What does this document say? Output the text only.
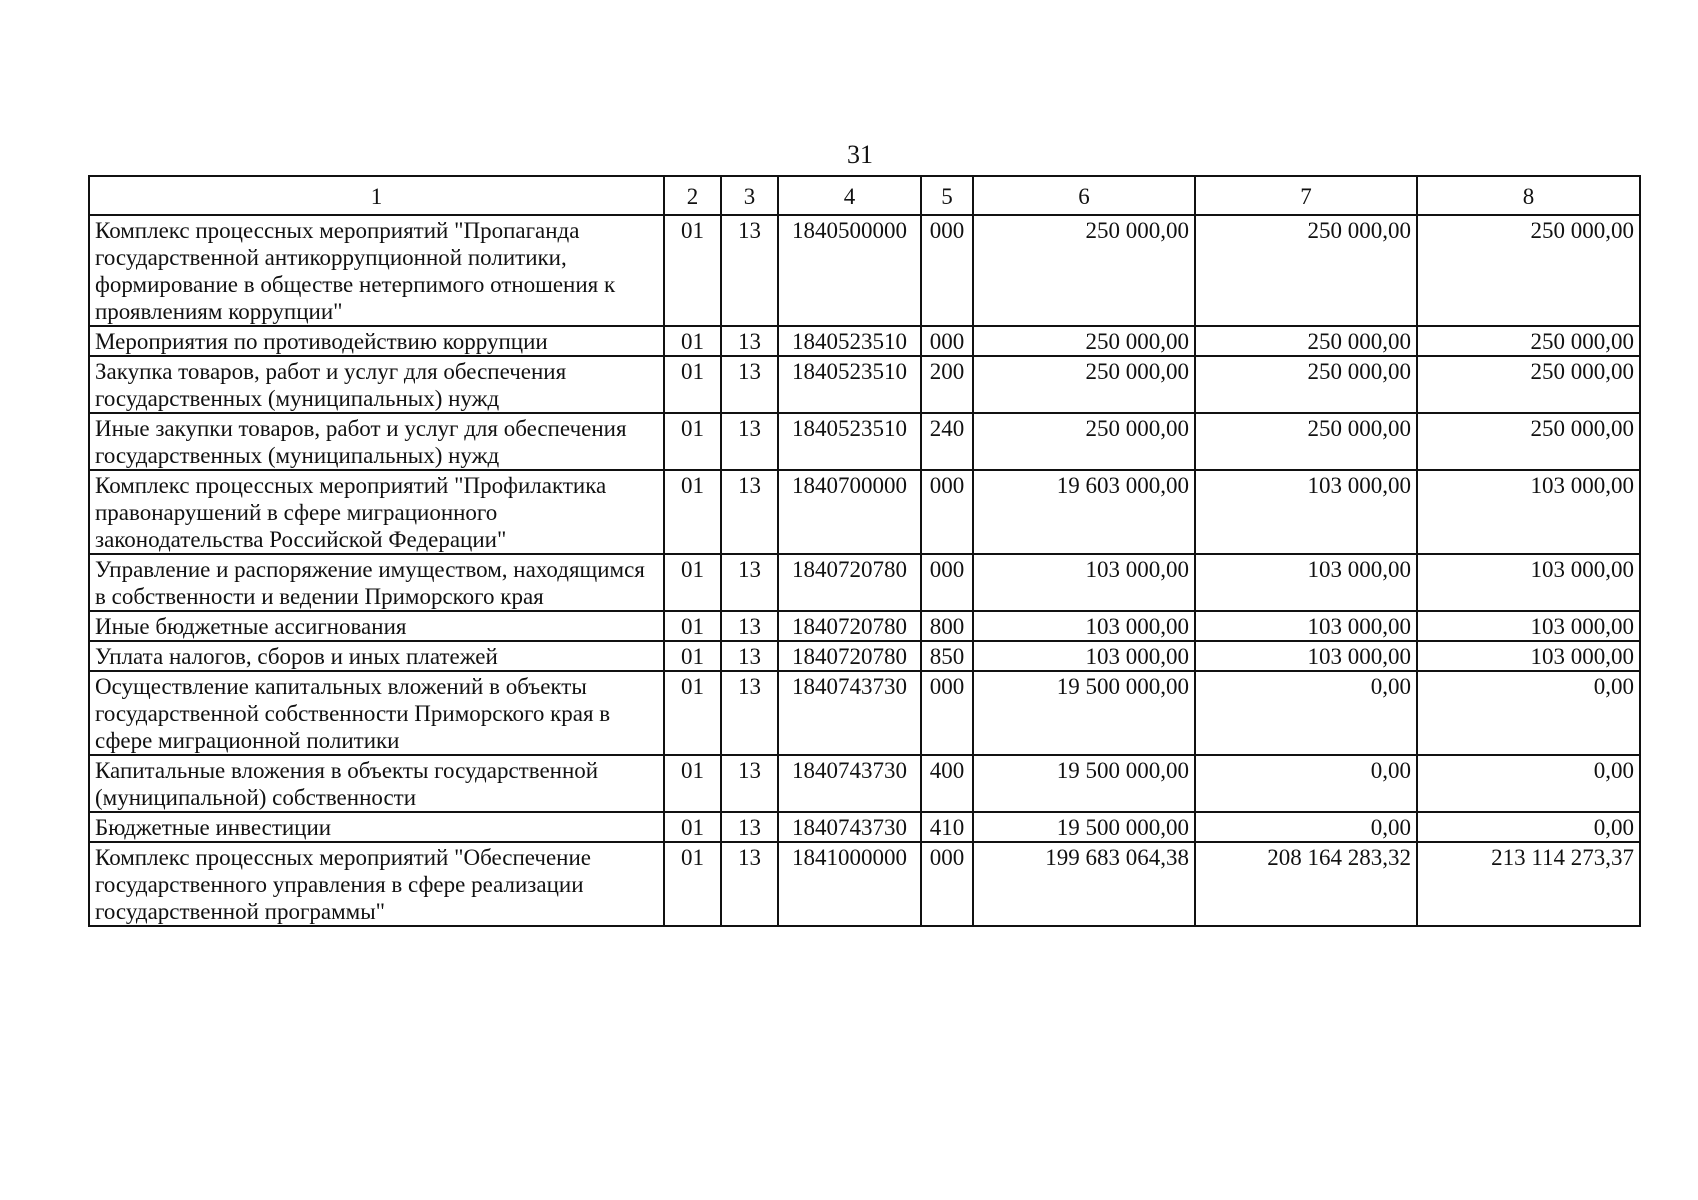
31
1	2	3	4	5	6	7	8
Комплекс процессных мероприятий "Пропаганда государственной антикоррупционной политики, формирование в обществе нетерпимого отношения к проявлениям коррупции"	01	13	1840500000	000	250 000,00	250 000,00	250 000,00
Мероприятия по противодействию коррупции	01	13	1840523510	000	250 000,00	250 000,00	250 000,00
Закупка товаров, работ и услуг для обеспечения государственных (муниципальных) нужд	01	13	1840523510	200	250 000,00	250 000,00	250 000,00
Иные закупки товаров, работ и услуг для обеспечения государственных (муниципальных) нужд	01	13	1840523510	240	250 000,00	250 000,00	250 000,00
Комплекс процессных мероприятий "Профилактика правонарушений в сфере миграционного законодательства Российской Федерации"	01	13	1840700000	000	19 603 000,00	103 000,00	103 000,00
Управление и распоряжение имуществом, находящимся в собственности и ведении Приморского края	01	13	1840720780	000	103 000,00	103 000,00	103 000,00
Иные бюджетные ассигнования	01	13	1840720780	800	103 000,00	103 000,00	103 000,00
Уплата налогов, сборов и иных платежей	01	13	1840720780	850	103 000,00	103 000,00	103 000,00
Осуществление капитальных вложений в объекты государственной собственности Приморского края в сфере миграционной политики	01	13	1840743730	000	19 500 000,00	0,00	0,00
Капитальные вложения в объекты государственной (муниципальной) собственности	01	13	1840743730	400	19 500 000,00	0,00	0,00
Бюджетные инвестиции	01	13	1840743730	410	19 500 000,00	0,00	0,00
Комплекс процессных мероприятий "Обеспечение государственного управления в сфере реализации государственной программы"	01	13	1841000000	000	199 683 064,38	208 164 283,32	213 114 273,37
